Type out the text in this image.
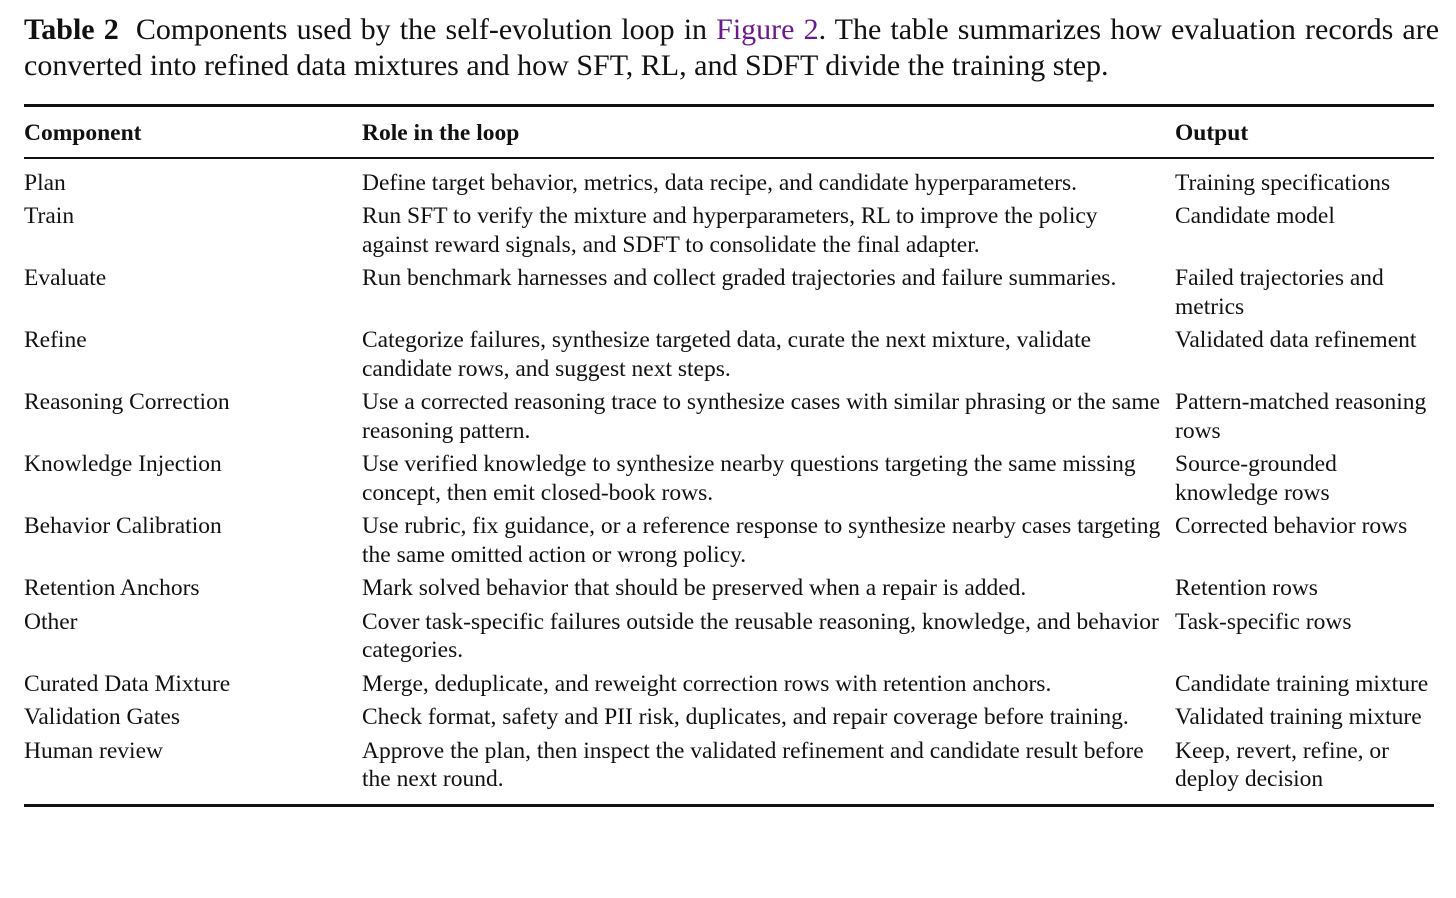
Table 2 Components used by the self-evolution loop in Figure 2. The table summarizes how evaluation records are converted into refined data mixtures and how SFT, RL, and SDFT divide the training step.
Component	Role in the loop	Output
Plan	Define target behavior, metrics, data recipe, and candidate hyperparameters.	Training specifications
Train	Run SFT to verify the mixture and hyperparameters, RL to improve the policy against reward signals, and SDFT to consolidate the final adapter.	Candidate model
Evaluate	Run benchmark harnesses and collect graded trajectories and failure summaries.	Failed trajectories and metrics
Refine	Categorize failures, synthesize targeted data, curate the next mixture, validate candidate rows, and suggest next steps.	Validated data refinement
Reasoning Correction	Use a corrected reasoning trace to synthesize cases with similar phrasing or the same reasoning pattern.	Pattern-matched reasoning rows
Knowledge Injection	Use verified knowledge to synthesize nearby questions targeting the same missing concept, then emit closed-book rows.	Source-grounded knowledge rows
Behavior Calibration	Use rubric, fix guidance, or a reference response to synthesize nearby cases targeting the same omitted action or wrong policy.	Corrected behavior rows
Retention Anchors	Mark solved behavior that should be preserved when a repair is added.	Retention rows
Other	Cover task-specific failures outside the reusable reasoning, knowledge, and behavior categories.	Task-specific rows
Curated Data Mixture	Merge, deduplicate, and reweight correction rows with retention anchors.	Candidate training mixture
Validation Gates	Check format, safety and PII risk, duplicates, and repair coverage before training.	Validated training mixture
Human review	Approve the plan, then inspect the validated refinement and candidate result before the next round.	Keep, revert, refine, or deploy decision
